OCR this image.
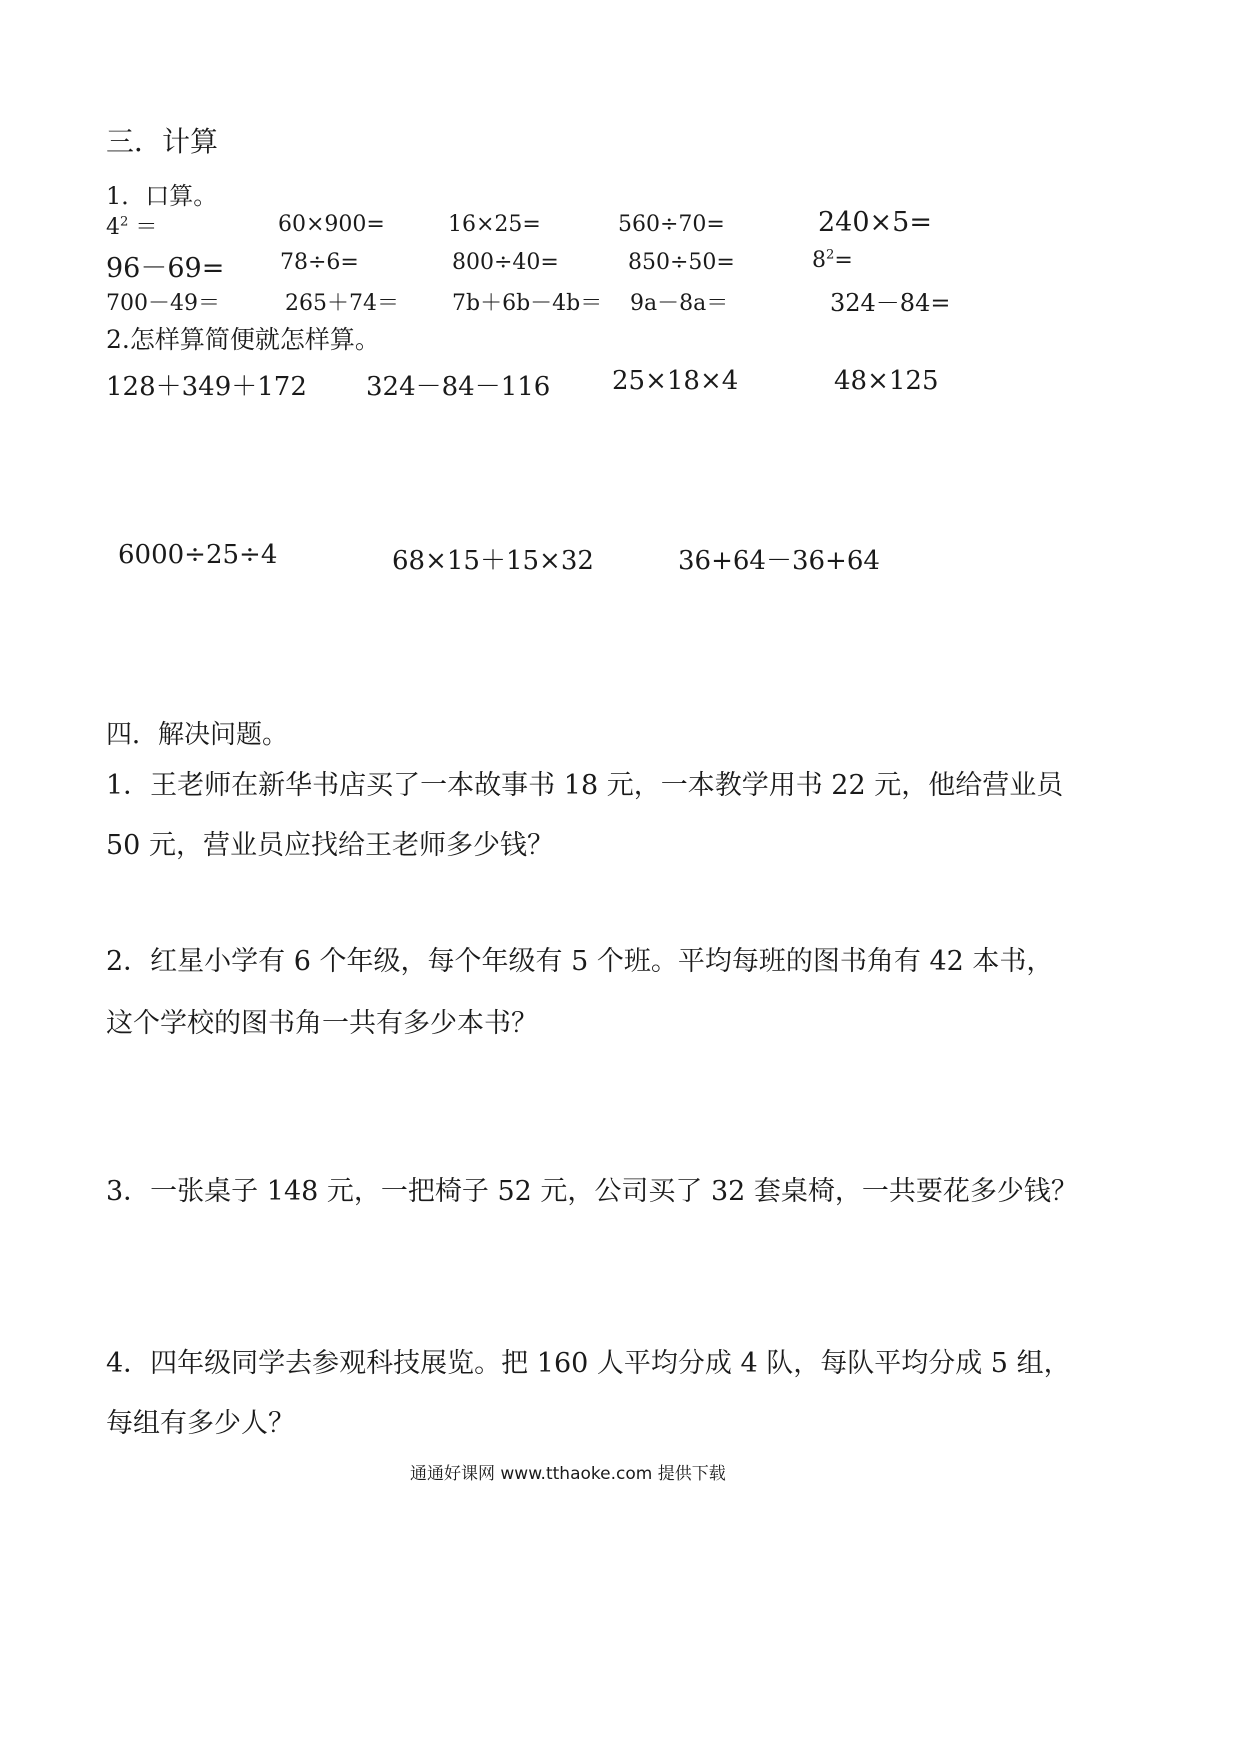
三．计算
1．口算。
$4^2$ ＝	60×900=	16×25=	560÷70=	240×5=
96－69=	78÷6=	800÷40=	850÷50=	$8^2=$
700－49＝	265＋74＝ 7b＋6b－4b＝ 9a－8a＝	324－84=
2.怎样算简便就怎样算。
128＋349＋172 324－84－116 25×18×4	48×125
6000÷25÷4	68×15＋15×32	36+64－36+64
四．解决问题。
1．王老师在新华书店买了一本故事书 18 元，一本教学用书 22 元，他给营业员
50 元，营业员应找给王老师多少钱？
2．红星小学有 6 个年级，每个年级有 5 个班。平均每班的图书角有 42 本书，
这个学校的图书角一共有多少本书？
3．一张桌子 148 元，一把椅子 52 元，公司买了 32 套桌椅，一共要花多少钱？
4．四年级同学去参观科技展览。把 160 人平均分成 4 队，每队平均分成 5 组，
每组有多少人？
通通好课网 www.tthaoke.com 提供下载
